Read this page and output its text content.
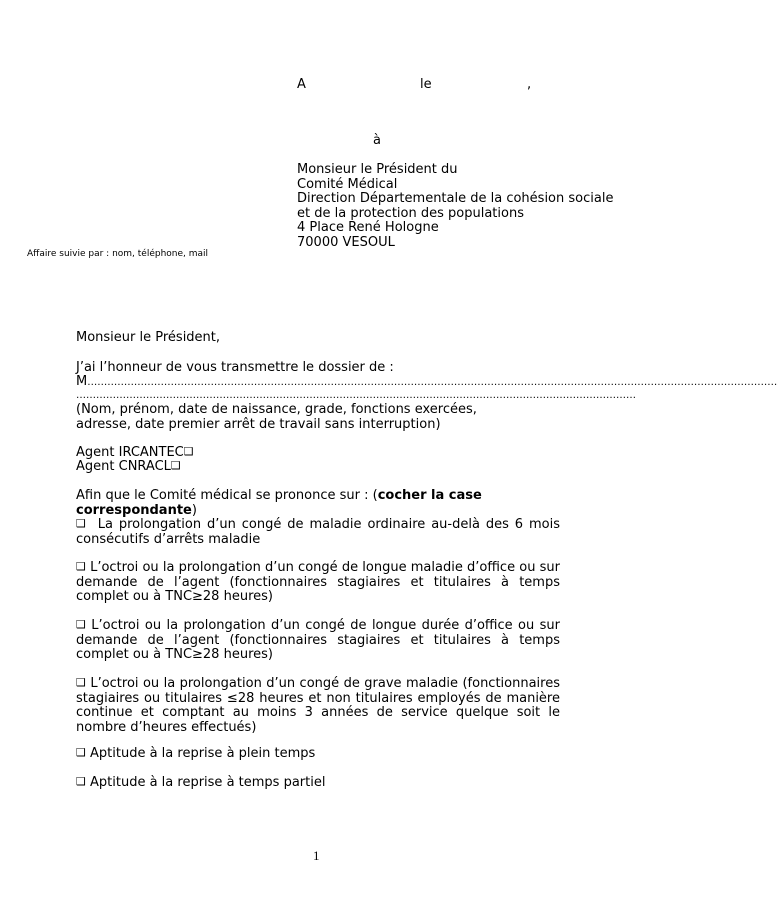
A	le	,
à
Monsieur le Président du
Comité Médical
Direction Départementale de la cohésion sociale
et de la protection des populations
4 Place René Hologne
70000 VESOUL
Affaire suivie par : nom, téléphone, mail
Monsieur le Président,
J’ai l’honneur de vous transmettre le dossier de :
M………………………………………………………………………………………………………………………………………………………………………………………
……………………………………………………………………………………………………………………………………………………
(Nom, prénom, date de naissance, grade, fonctions exercées, adresse, date premier arrêt de travail sans interruption)
Agent IRCANTEC❑
Agent CNRACL❑
Afin que le Comité médical se prononce sur : (cocher la case correspondante)
❑ La prolongation d’un congé de maladie ordinaire au-delà des 6 mois consécutifs d’arrêts maladie
❑ L’octroi ou la prolongation d’un congé de longue maladie d’office ou sur demande de l’agent (fonctionnaires stagiaires et titulaires à temps complet ou à TNC≥28 heures)
❑ L’octroi ou la prolongation d’un congé de longue durée d’office ou sur demande de l’agent (fonctionnaires stagiaires et titulaires à temps complet ou à TNC≥28 heures)
❑ L’octroi ou la prolongation d’un congé de grave maladie (fonctionnaires stagiaires ou titulaires ≤28 heures et non titulaires employés de manière continue et comptant au moins 3 années de service quelque soit le nombre d’heures effectués)
❑ Aptitude à la reprise à plein temps
❑ Aptitude à la reprise à temps partiel
1
